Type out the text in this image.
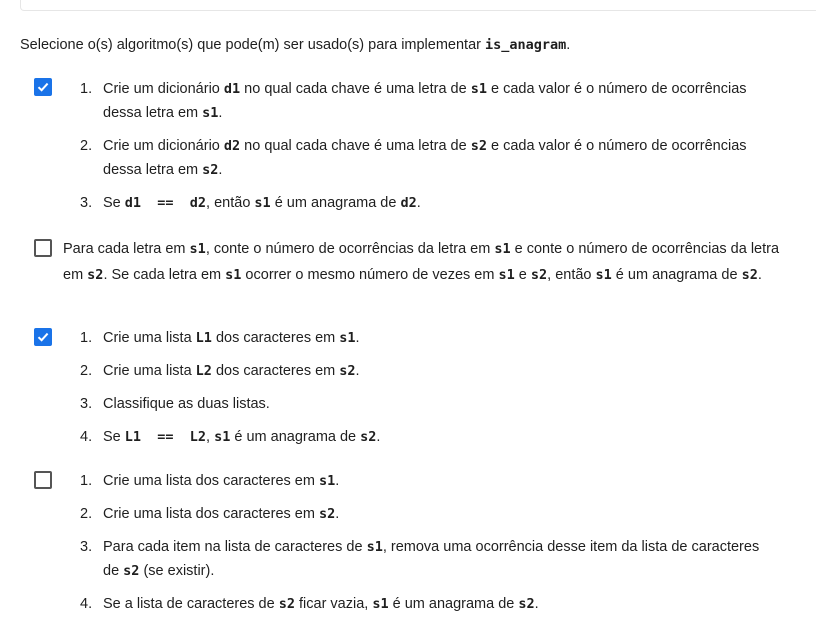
Selecione o(s) algoritmo(s) que pode(m) ser usado(s) para implementar is_anagram.
1. Crie um dicionário d1 no qual cada chave é uma letra de s1 e cada valor é o número de ocorrências dessa letra em s1.
2. Crie um dicionário d2 no qual cada chave é uma letra de s2 e cada valor é o número de ocorrências dessa letra em s2.
3. Se d1  ==  d2, então s1 é um anagrama de d2.
Para cada letra em s1, conte o número de ocorrências da letra em s1 e conte o número de ocorrências da letra em s2. Se cada letra em s1 ocorrer o mesmo número de vezes em s1 e s2, então s1 é um anagrama de s2.
1. Crie uma lista L1 dos caracteres em s1.
2. Crie uma lista L2 dos caracteres em s2.
3. Classifique as duas listas.
4. Se L1  ==  L2, s1 é um anagrama de s2.
1. Crie uma lista dos caracteres em s1.
2. Crie uma lista dos caracteres em s2.
3. Para cada item na lista de caracteres de s1, remova uma ocorrência desse item da lista de caracteres de s2 (se existir).
4. Se a lista de caracteres de s2 ficar vazia, s1 é um anagrama de s2.
